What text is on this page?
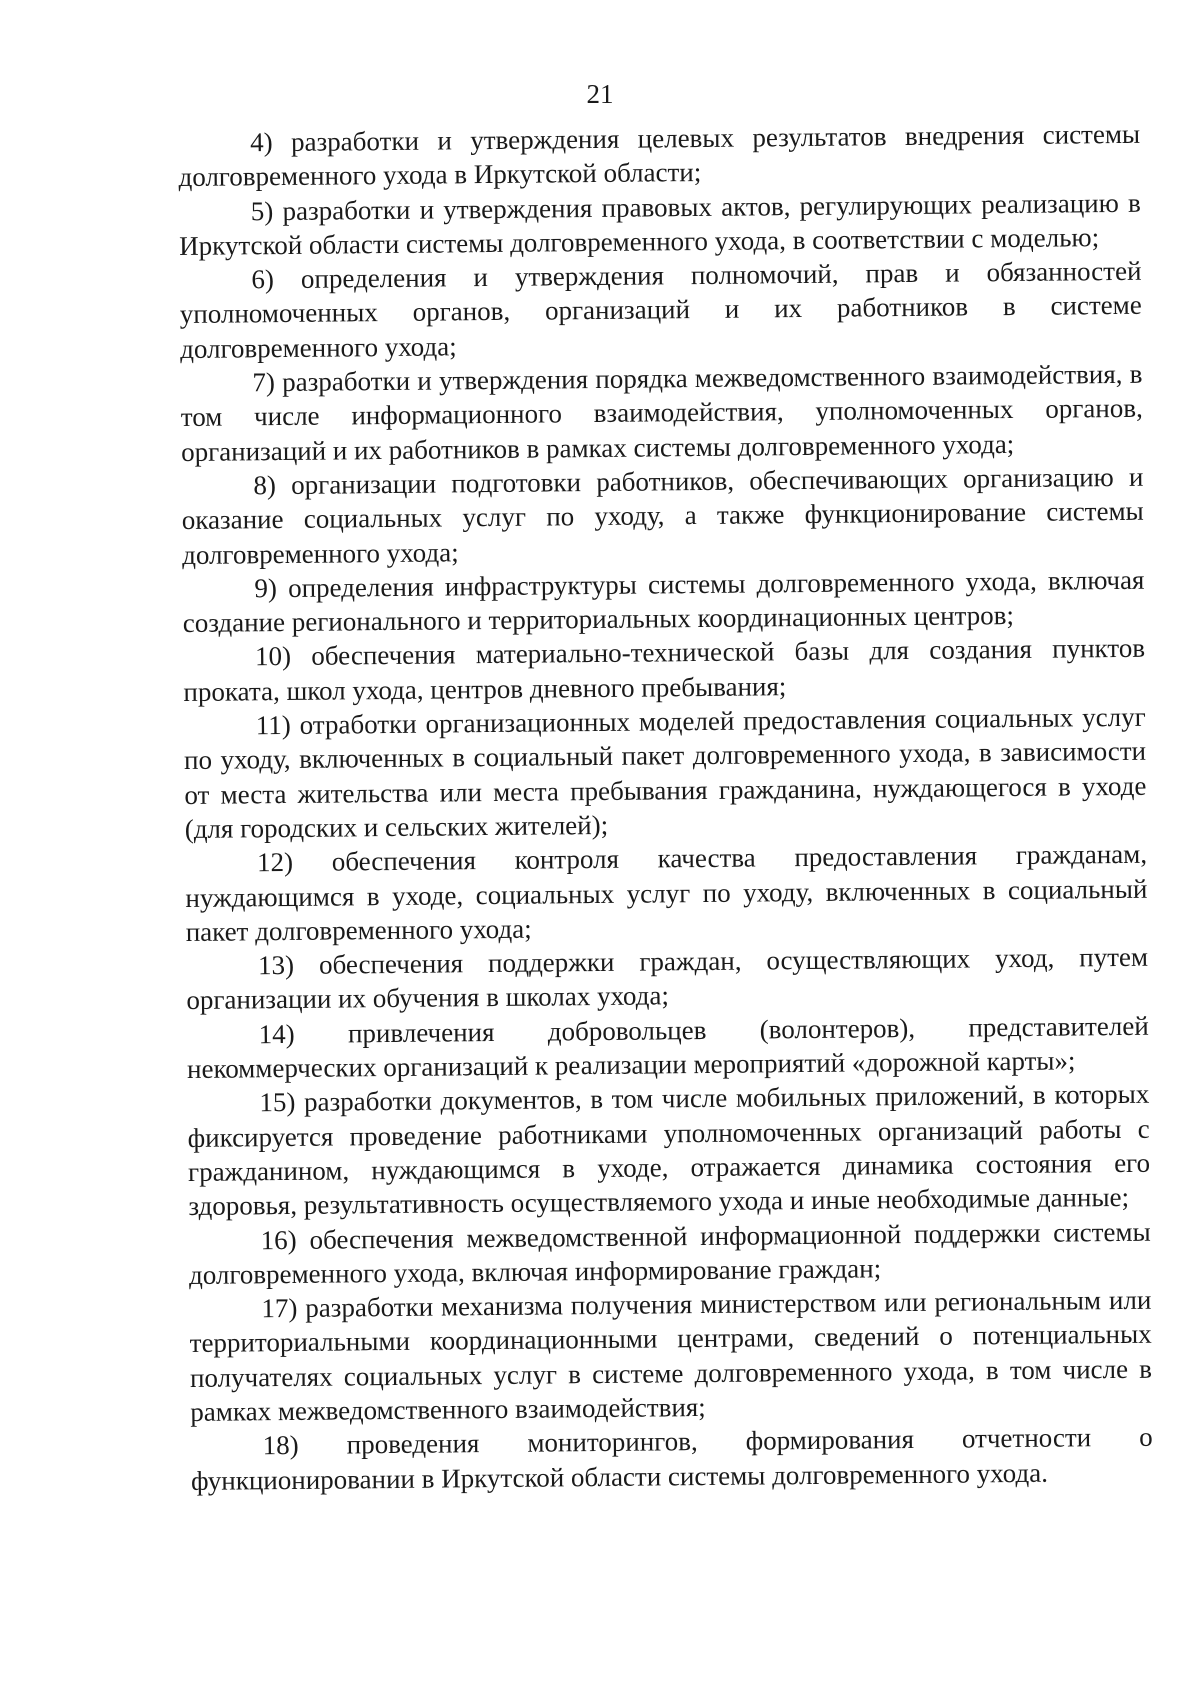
21

4) разработки и утверждения целевых результатов внедрения системы долговременного ухода в Иркутской области;

5) разработки и утверждения правовых актов, регулирующих реализацию в Иркутской области системы долговременного ухода, в соответствии с моделью;

6) определения и утверждения полномочий, прав и обязанностей уполномоченных органов, организаций и их работников в системе долговременного ухода;

7) разработки и утверждения порядка межведомственного взаимодействия, в том числе информационного взаимодействия, уполномоченных органов, организаций и их работников в рамках системы долговременного ухода;

8) организации подготовки работников, обеспечивающих организацию и оказание социальных услуг по уходу, а также функционирование системы долговременного ухода;

9) определения инфраструктуры системы долговременного ухода, включая создание регионального и территориальных координационных центров;

10) обеспечения материально-технической базы для создания пунктов проката, школ ухода, центров дневного пребывания;

11) отработки организационных моделей предоставления социальных услуг по уходу, включенных в социальный пакет долговременного ухода, в зависимости от места жительства или места пребывания гражданина, нуждающегося в уходе (для городских и сельских жителей);

12) обеспечения контроля качества предоставления гражданам, нуждающимся в уходе, социальных услуг по уходу, включенных в социальный пакет долговременного ухода;

13) обеспечения поддержки граждан, осуществляющих уход, путем организации их обучения в школах ухода;

14) привлечения добровольцев (волонтеров), представителей некоммерческих организаций к реализации мероприятий «дорожной карты»;

15) разработки документов, в том числе мобильных приложений, в которых фиксируется проведение работниками уполномоченных организаций работы с гражданином, нуждающимся в уходе, отражается динамика состояния его здоровья, результативность осуществляемого ухода и иные необходимые данные;

16) обеспечения межведомственной информационной поддержки системы долговременного ухода, включая информирование граждан;

17) разработки механизма получения министерством или региональным или территориальными координационными центрами, сведений о потенциальных получателях социальных услуг в системе долговременного ухода, в том числе в рамках межведомственного взаимодействия;

18) проведения мониторингов, формирования отчетности о функционировании в Иркутской области системы долговременного ухода.
